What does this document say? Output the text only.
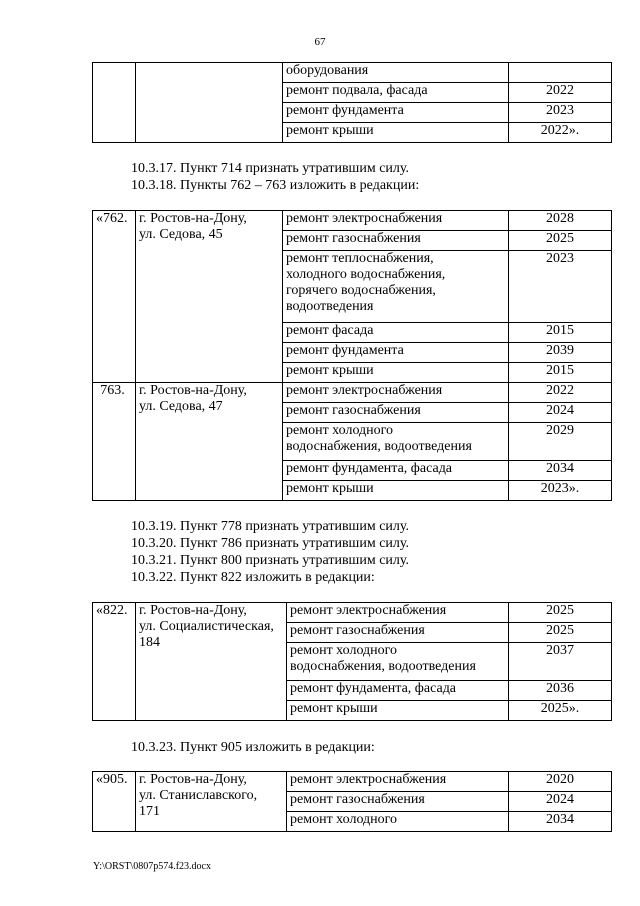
67
		оборудования	
		ремонт подвала, фасада	2022
		ремонт фундамента	2023
		ремонт крыши	2022».
10.3.17. Пункт 714 признать утратившим силу.
10.3.18. Пункты 762 – 763 изложить в редакции:
«762.	г. Ростов-на-Дону,
ул. Седова, 45	ремонт электроснабжения	2028
		ремонт газоснабжения	2025

		ремонт теплоснабжения,
холодного водоснабжения,
горячего водоснабжения,
водоотведения	2023
		ремонт фасада	2015
		ремонт фундамента	2039
		ремонт крыши	2015
763.	г. Ростов-на-Дону,
ул. Седова, 47	ремонт электроснабжения	2022
		ремонт газоснабжения	2024

		ремонт холодного
водоснабжения, водоотведения	2029
		ремонт фундамента, фасада	2034
		ремонт крыши	2023».
10.3.19. Пункт 778 признать утратившим силу.
10.3.20. Пункт 786 признать утратившим силу.
10.3.21. Пункт 800 признать утратившим силу.
10.3.22. Пункт 822 изложить в редакции:
«822.	г. Ростов-на-Дону,
ул. Социалистическая,
184	ремонт электроснабжения	2025
		ремонт газоснабжения	2025

		ремонт холодного
водоснабжения, водоотведения	2037
		ремонт фундамента, фасада	2036
		ремонт крыши	2025».
10.3.23. Пункт 905 изложить в редакции:
«905.	г. Ростов-на-Дону,
ул. Станиславского,
171	ремонт электроснабжения	2020
		ремонт газоснабжения	2024
		ремонт холодного	2034
Y:\ORST\0807p574.f23.docx
